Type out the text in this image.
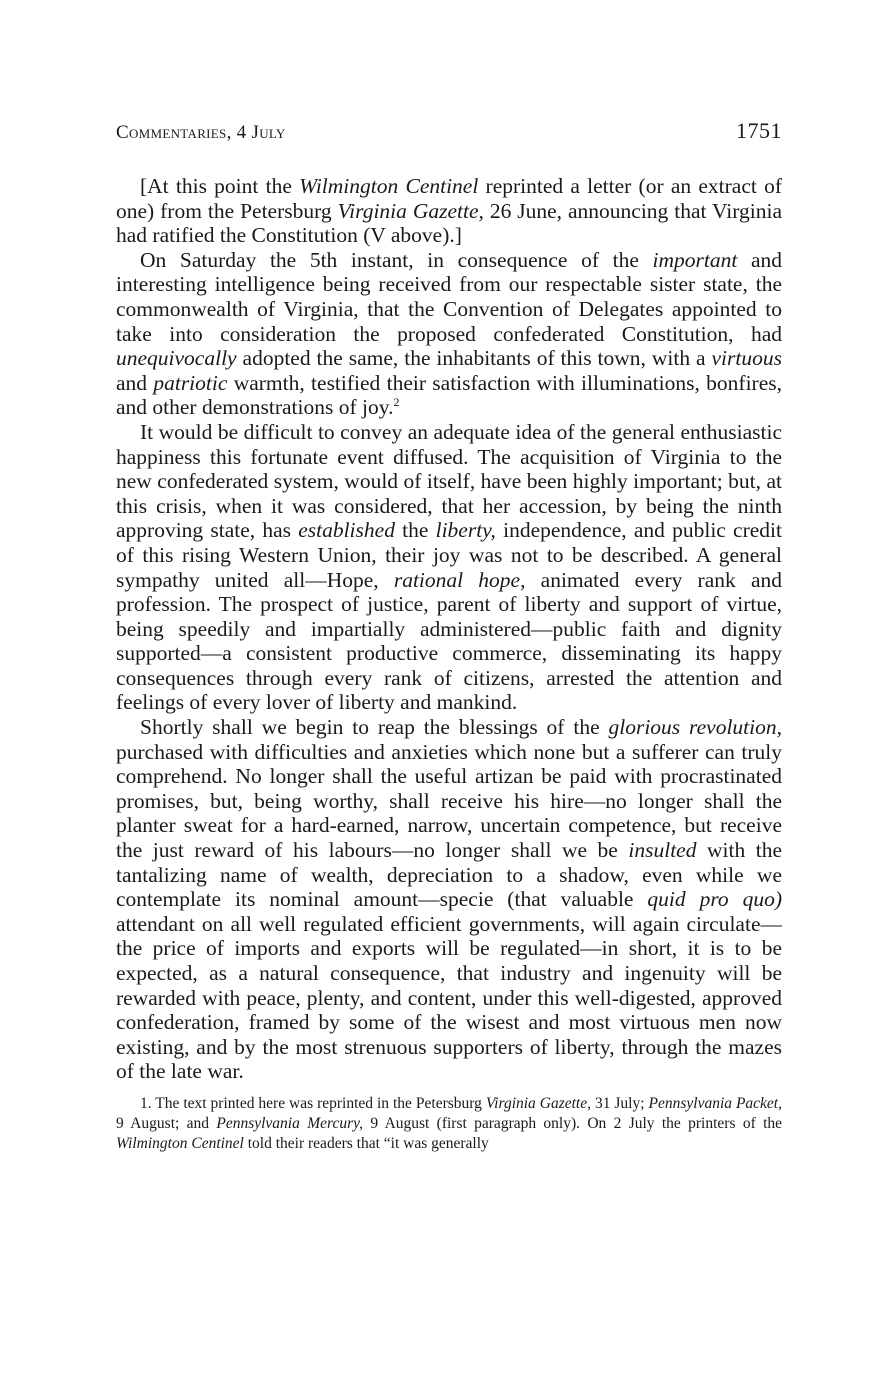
Commentaries, 4 July	1751

[At this point the Wilmington Centinel reprinted a letter (or an extract of one) from the Petersburg Virginia Gazette, 26 June, announcing that Virginia had ratified the Constitution (V above).]

On Saturday the 5th instant, in consequence of the important and interesting intelligence being received from our respectable sister state, the commonwealth of Virginia, that the Convention of Delegates appointed to take into consideration the proposed confederated Constitution, had unequivocally adopted the same, the inhabitants of this town, with a virtuous and patriotic warmth, testified their satisfaction with illuminations, bonfires, and other demonstrations of joy.$^2$

It would be difficult to convey an adequate idea of the general enthusiastic happiness this fortunate event diffused. The acquisition of Virginia to the new confederated system, would of itself, have been highly important; but, at this crisis, when it was considered, that her accession, by being the ninth approving state, has established the liberty, independence, and public credit of this rising Western Union, their joy was not to be described. A general sympathy united all—Hope, rational hope, animated every rank and profession. The prospect of justice, parent of liberty and support of virtue, being speedily and impartially administered—public faith and dignity supported—a consistent productive commerce, disseminating its happy consequences through every rank of citizens, arrested the attention and feelings of every lover of liberty and mankind.

Shortly shall we begin to reap the blessings of the glorious revolution, purchased with difficulties and anxieties which none but a sufferer can truly comprehend. No longer shall the useful artizan be paid with procrastinated promises, but, being worthy, shall receive his hire—no longer shall the planter sweat for a hard-earned, narrow, uncertain competence, but receive the just reward of his labours—no longer shall we be insulted with the tantalizing name of wealth, depreciation to a shadow, even while we contemplate its nominal amount—specie (that valuable quid pro quo) attendant on all well regulated efficient governments, will again circulate—the price of imports and exports will be regulated—in short, it is to be expected, as a natural consequence, that industry and ingenuity will be rewarded with peace, plenty, and content, under this well-digested, approved confederation, framed by some of the wisest and most virtuous men now existing, and by the most strenuous supporters of liberty, through the mazes of the late war.

1. The text printed here was reprinted in the Petersburg Virginia Gazette, 31 July; Pennsylvania Packet, 9 August; and Pennsylvania Mercury, 9 August (first paragraph only). On 2 July the printers of the Wilmington Centinel told their readers that “it was generally
